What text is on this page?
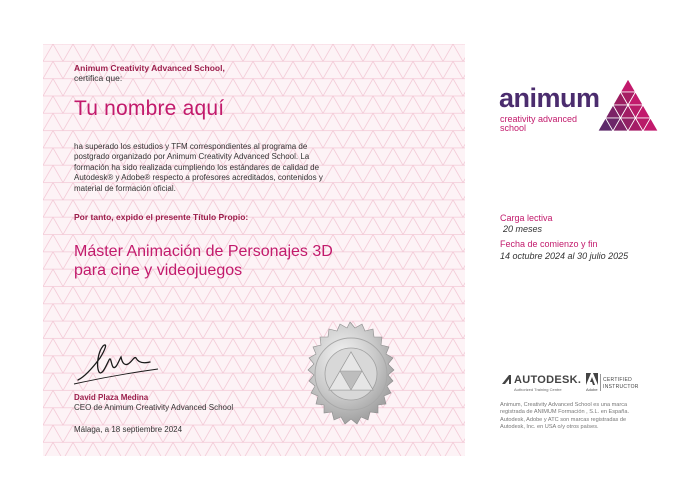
Animum Creativity Advanced School,
certifica que:
Tu nombre aquí
ha superado los estudios y TFM correspondientes al programa de postgrado organizado por Animum Creativity Advanced School. La formación ha sido realizada cumpliendo los estándares de calidad de Autodesk® y Adobe® respecto a profesores acreditados, contenidos y material de formación oficial.
Por tanto, expido el presente Título Propio:
Máster Animación de Personajes 3D
para cine y videojuegos
David Plaza Medina
CEO de Animum Creativity Advanced School
Málaga, a 18 septiembre 2024
animum
creativity advanced
school
Carga lectiva
20 meses
Fecha de comienzo y fin
14 octubre 2024 al 30 julio 2025
AUTODESK.
Authorized Training Centre	Adobe
CERTIFIED
INSTRUCTOR
Animum, Creativity Advanced School es una marca registrada de ANIMUM Formación , S.L. en España. Autodesk, Adobe y ATC son marcas registradas de Autodesk, Inc. en USA o/y otros países.
